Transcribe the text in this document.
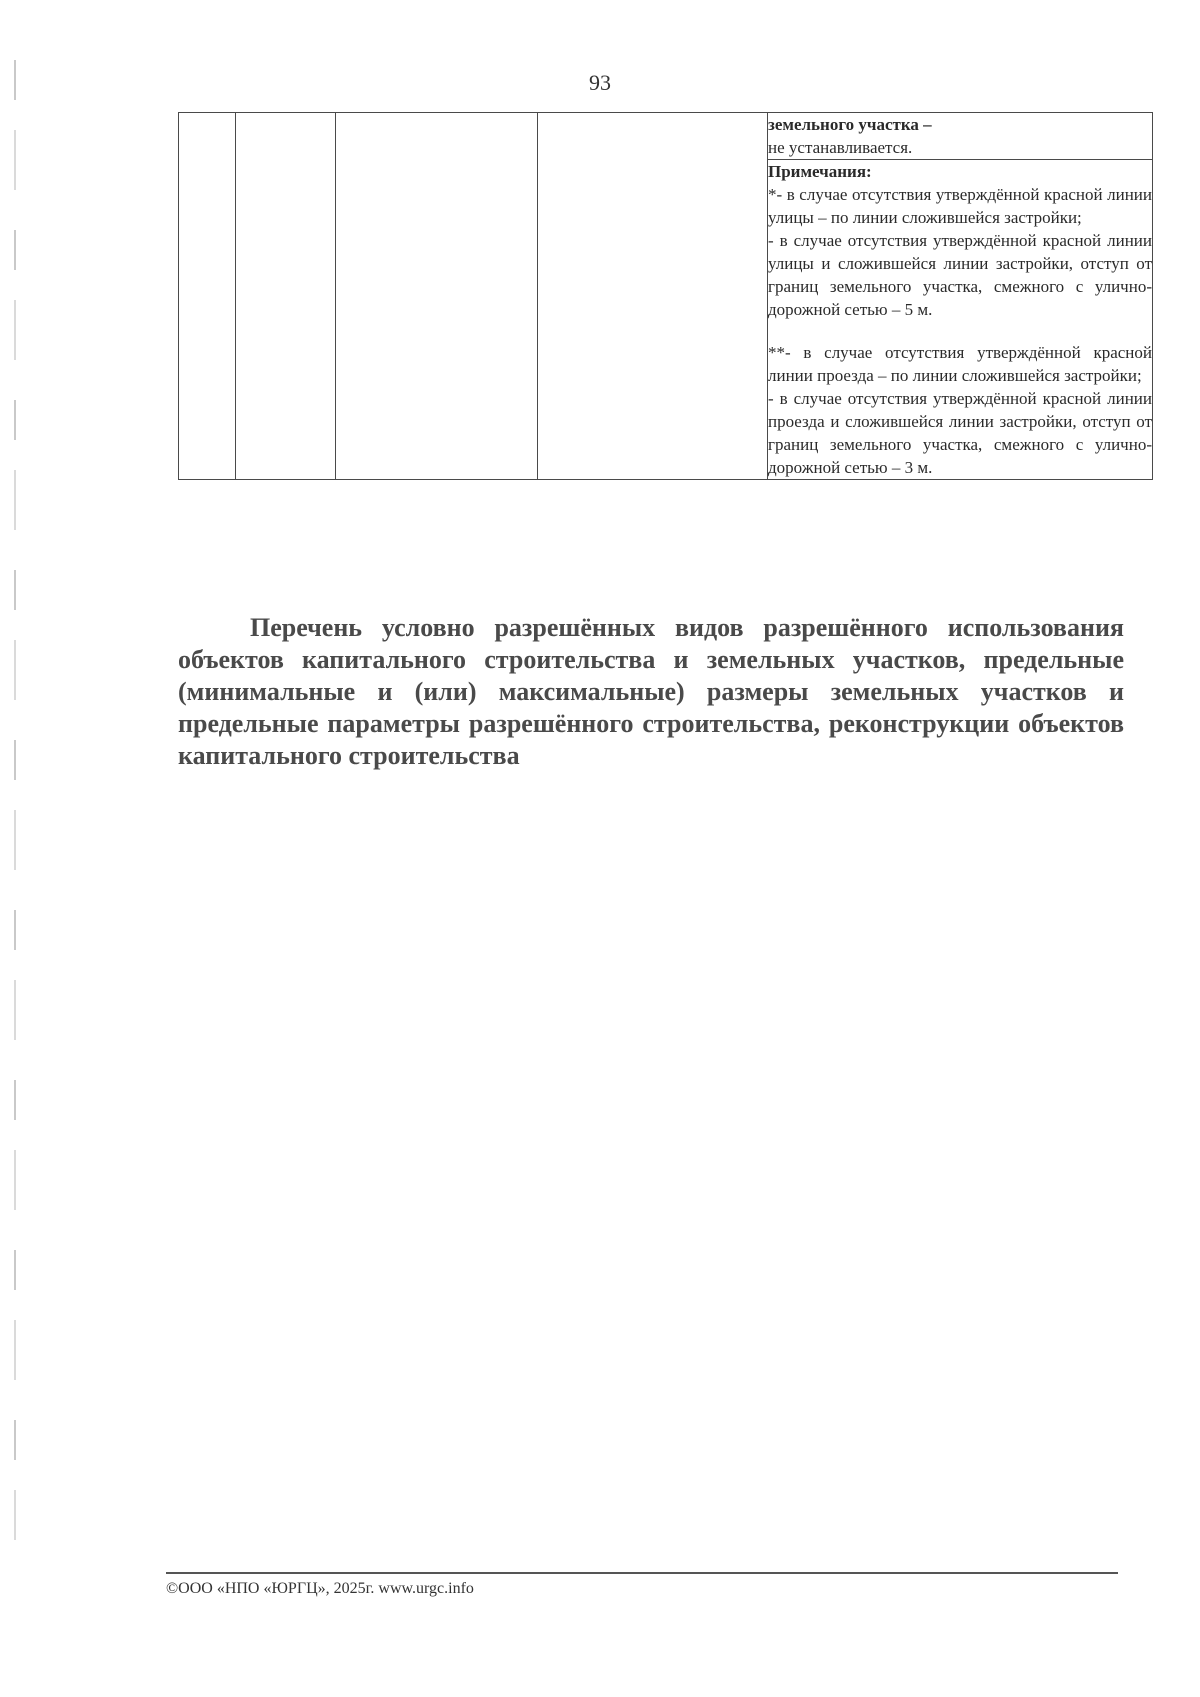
93

земельного участка –
не устанавливается.

Примечания:

*- в случае отсутствия утверждённой красной линии улицы – по линии сложившейся застройки;

- в случае отсутствия утверждённой красной линии улицы и сложившейся линии застройки, отступ от границ земельного участка, смежного с улично-дорожной сетью – 5 м.

**- в случае отсутствия утверждённой красной линии проезда – по линии сложившейся застройки;

- в случае отсутствия утверждённой красной линии проезда и сложившейся линии застройки, отступ от границ земельного участка, смежного с улично-дорожной сетью – 3 м.

Перечень условно разрешённых видов разрешённого использования объектов капитального строительства и земельных участков, предельные (минимальные и (или) максимальные) размеры земельных участков и предельные параметры разрешённого строительства, реконструкции объектов капитального строительства
©ООО «НПО «ЮРГЦ», 2025г. www.urgc.info
